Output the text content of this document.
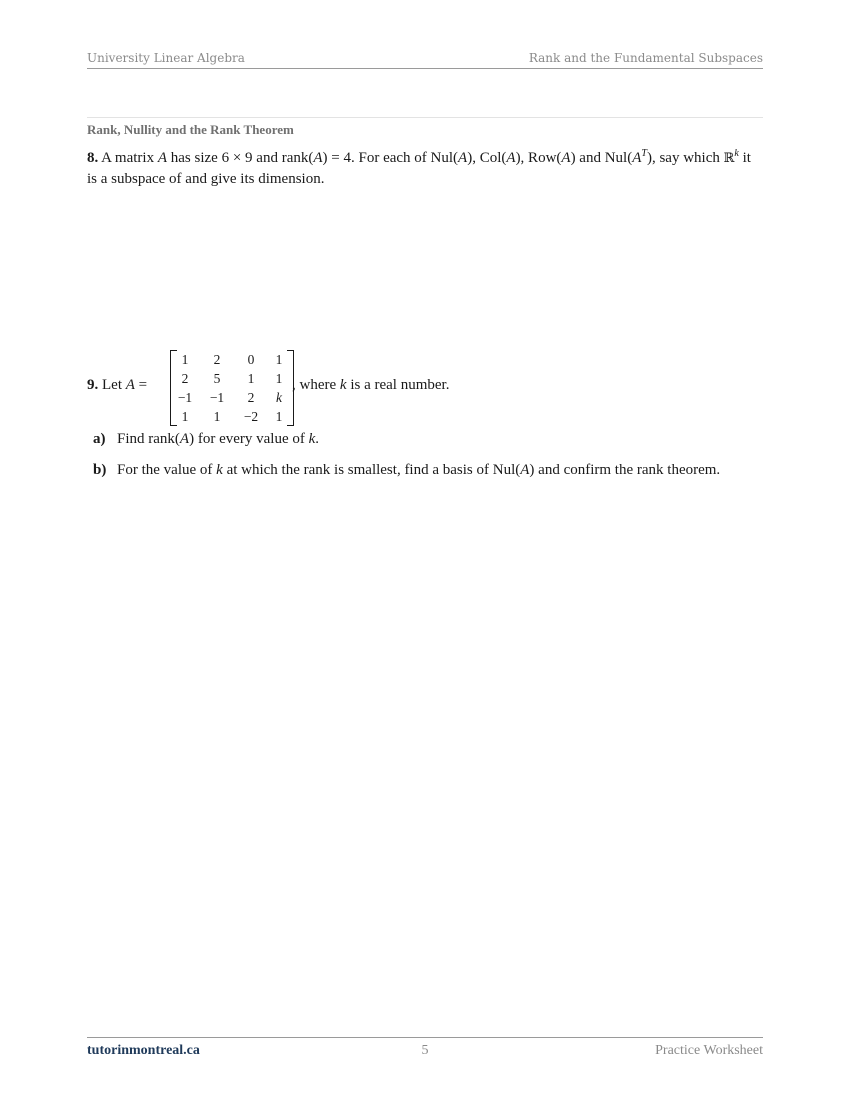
University Linear Algebra	Rank and the Fundamental Subspaces
Rank, Nullity and the Rank Theorem
8. A matrix A has size 6 × 9 and rank(A) = 4. For each of Nul(A), Col(A), Row(A) and $Nul(A^T)$, say which ℝ$^k$ it is a subspace of and give its dimension.
9. Let A =
1	2	0	1
2	5	1	1
−1	−1	2	k
1	1	−2	1
, where k is a real number.
a) Find rank(A) for every value of k.
b) For the value of k at which the rank is smallest, find a basis of Nul(A) and confirm the rank theorem.
tutorinmontreal.ca	5	Practice Worksheet
